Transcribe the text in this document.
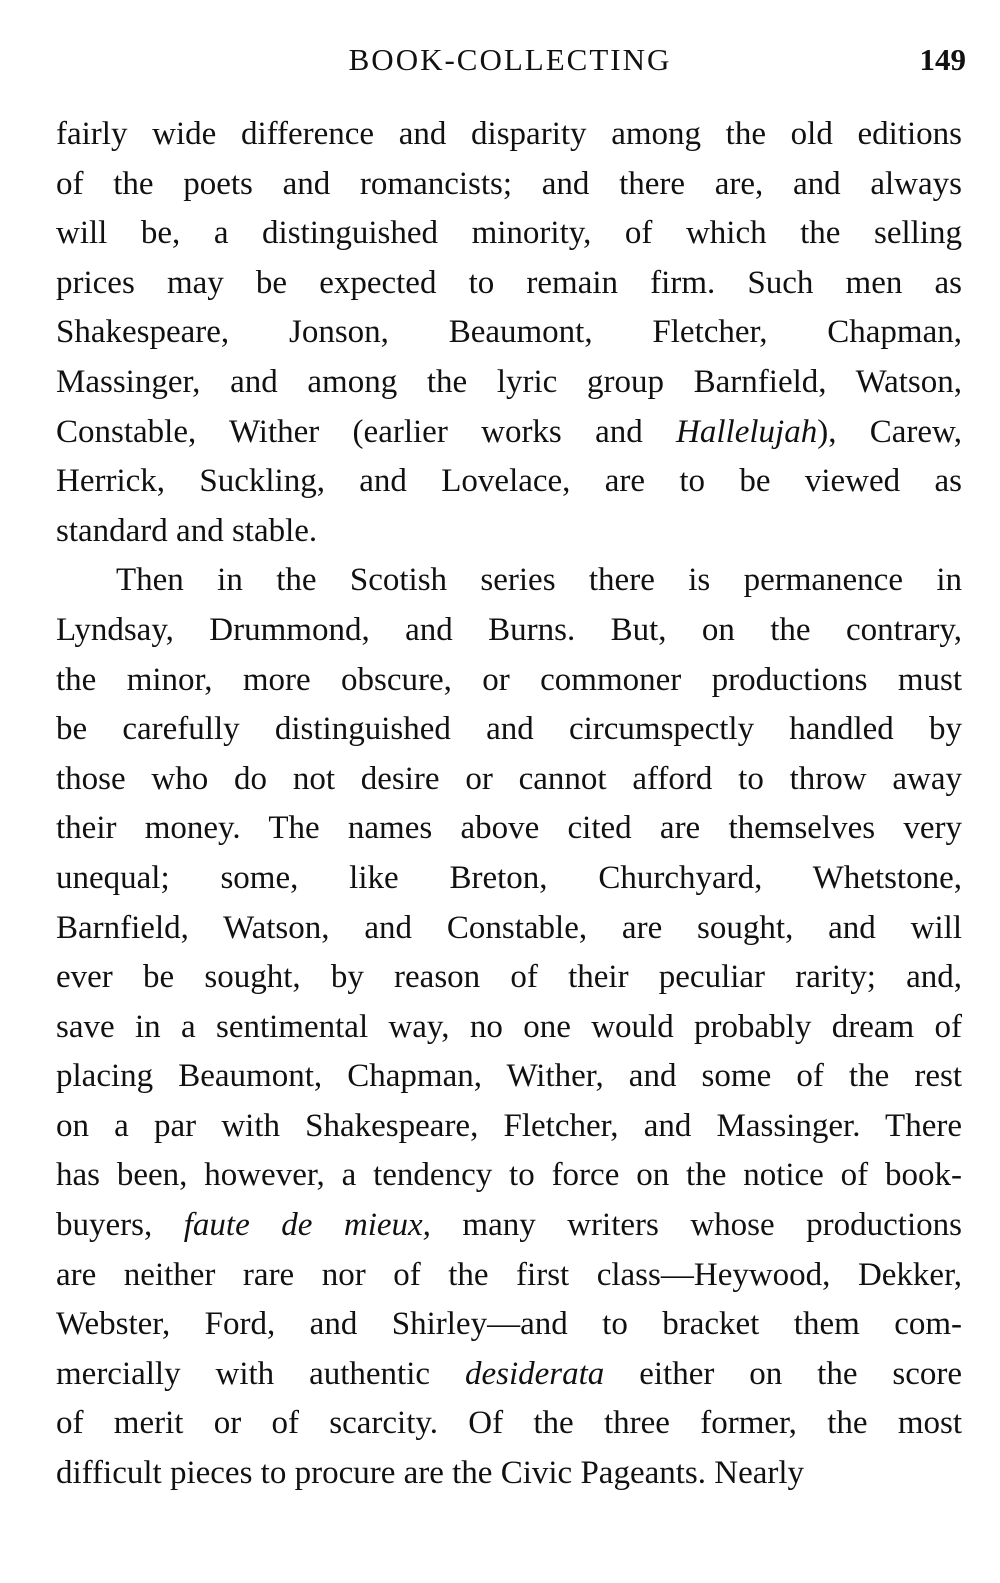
BOOK-COLLECTING	149
fairly wide difference and disparity among the old editions
of the poets and romancists; and there are, and always
will be, a distinguished minority, of which the selling
prices may be expected to remain firm. Such men as
Shakespeare, Jonson, Beaumont, Fletcher, Chapman,
Massinger, and among the lyric group Barnfield, Watson,
Constable, Wither (earlier works and Hallelujah), Carew,
Herrick, Suckling, and Lovelace, are to be viewed as
standard and stable.
Then in the Scotish series there is permanence in
Lyndsay, Drummond, and Burns. But, on the contrary,
the minor, more obscure, or commoner productions must
be carefully distinguished and circumspectly handled by
those who do not desire or cannot afford to throw away
their money. The names above cited are themselves very
unequal; some, like Breton, Churchyard, Whetstone,
Barnfield, Watson, and Constable, are sought, and will
ever be sought, by reason of their peculiar rarity; and,
save in a sentimental way, no one would probably dream of
placing Beaumont, Chapman, Wither, and some of the rest
on a par with Shakespeare, Fletcher, and Massinger. There
has been, however, a tendency to force on the notice of book-
buyers, faute de mieux, many writers whose productions
are neither rare nor of the first class—Heywood, Dekker,
Webster, Ford, and Shirley—and to bracket them com-
mercially with authentic desiderata either on the score
of merit or of scarcity. Of the three former, the most
difficult pieces to procure are the Civic Pageants. Nearly
